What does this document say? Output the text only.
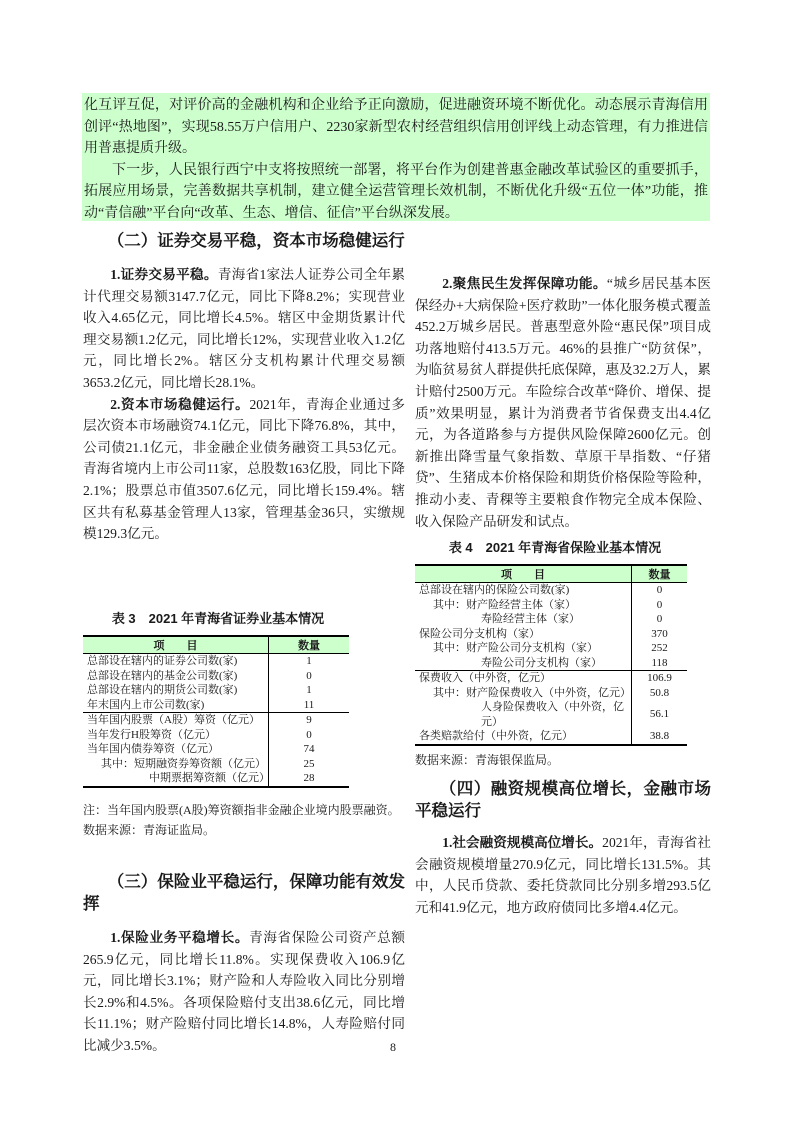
化互评互促，对评价高的金融机构和企业给予正向激励，促进融资环境不断优化。动态展示青海信用创评“热地图”，实现58.55万户信用户、2230家新型农村经营组织信用创评线上动态管理，有力推进信用普惠提质升级。

下一步，人民银行西宁中支将按照统一部署，将平台作为创建普惠金融改革试验区的重要抓手，拓展应用场景，完善数据共享机制，建立健全运营管理长效机制，不断优化升级“五位一体”功能，推动“青信融”平台向“改革、生态、增信、征信”平台纵深发展。

（二）证券交易平稳，资本市场稳健运行

1.证券交易平稳。青海省1家法人证券公司全年累计代理交易额3147.7亿元，同比下降8.2%；实现营业收入4.65亿元，同比增长4.5%。辖区中金期货累计代理交易额1.2亿元，同比增长12%，实现营业收入1.2亿元，同比增长2%。辖区分支机构累计代理交易额3653.2亿元，同比增长28.1%。

2.资本市场稳健运行。2021年，青海企业通过多层次资本市场融资74.1亿元，同比下降76.8%，其中，公司债21.1亿元，非金融企业债务融资工具53亿元。青海省境内上市公司11家，总股数163亿股，同比下降2.1%；股票总市值3507.6亿元，同比增长159.4%。辖区共有私募基金管理人13家，管理基金36只，实缴规模129.3亿元。

表 3　2021 年青海省证券业基本情况
项　　目	数量
总部设在辖内的证券公司数(家)	1
总部设在辖内的基金公司数(家)	0
总部设在辖内的期货公司数(家)	1
年末国内上市公司数(家)	11
当年国内股票（A股）筹资（亿元）	9
当年发行H股筹资（亿元）	0
当年国内债券筹资（亿元）	74
其中：短期融资券筹资额（亿元）	25
中期票据筹资额（亿元）	28
注：当年国内股票(A股)筹资额指非金融企业境内股票融资。
数据来源：青海证监局。
（三）保险业平稳运行，保障功能有效发挥

1.保险业务平稳增长。青海省保险公司资产总额265.9亿元，同比增长11.8%。实现保费收入106.9亿元，同比增长3.1%；财产险和人寿险收入同比分别增长2.9%和4.5%。各项保险赔付支出38.6亿元，同比增长11.1%；财产险赔付同比增长14.8%，人寿险赔付同比减少3.5%。

2.聚焦民生发挥保障功能。“城乡居民基本医保经办+大病保险+医疗救助”一体化服务模式覆盖452.2万城乡居民。普惠型意外险“惠民保”项目成功落地赔付413.5万元。46%的县推广“防贫保”，为临贫易贫人群提供托底保障，惠及32.2万人，累计赔付2500万元。车险综合改革“降价、增保、提质”效果明显，累计为消费者节省保费支出4.4亿元，为各道路参与方提供风险保障2600亿元。创新推出降雪量气象指数、草原干旱指数、“仔猪贷”、生猪成本价格保险和期货价格保险等险种，推动小麦、青稞等主要粮食作物完全成本保险、收入保险产品研发和试点。

表 4　2021 年青海省保险业基本情况
项　　目	数量
总部设在辖内的保险公司数(家)	0
其中：财产险经营主体（家）	0
寿险经营主体（家）	0
保险公司分支机构（家）	370
其中：财产险公司分支机构（家）	252
寿险公司分支机构（家）	118
保费收入（中外资，亿元）	106.9
其中：财产险保费收入（中外资，亿元）	50.8
人身险保费收入（中外资，亿元）	56.1
各类赔款给付（中外资，亿元）	38.8
数据来源：青海银保监局。
（四）融资规模高位增长，金融市场平稳运行

1.社会融资规模高位增长。2021年，青海省社会融资规模增量270.9亿元，同比增长131.5%。其中，人民币贷款、委托贷款同比分别多增293.5亿元和41.9亿元，地方政府债同比多增4.4亿元。

8
